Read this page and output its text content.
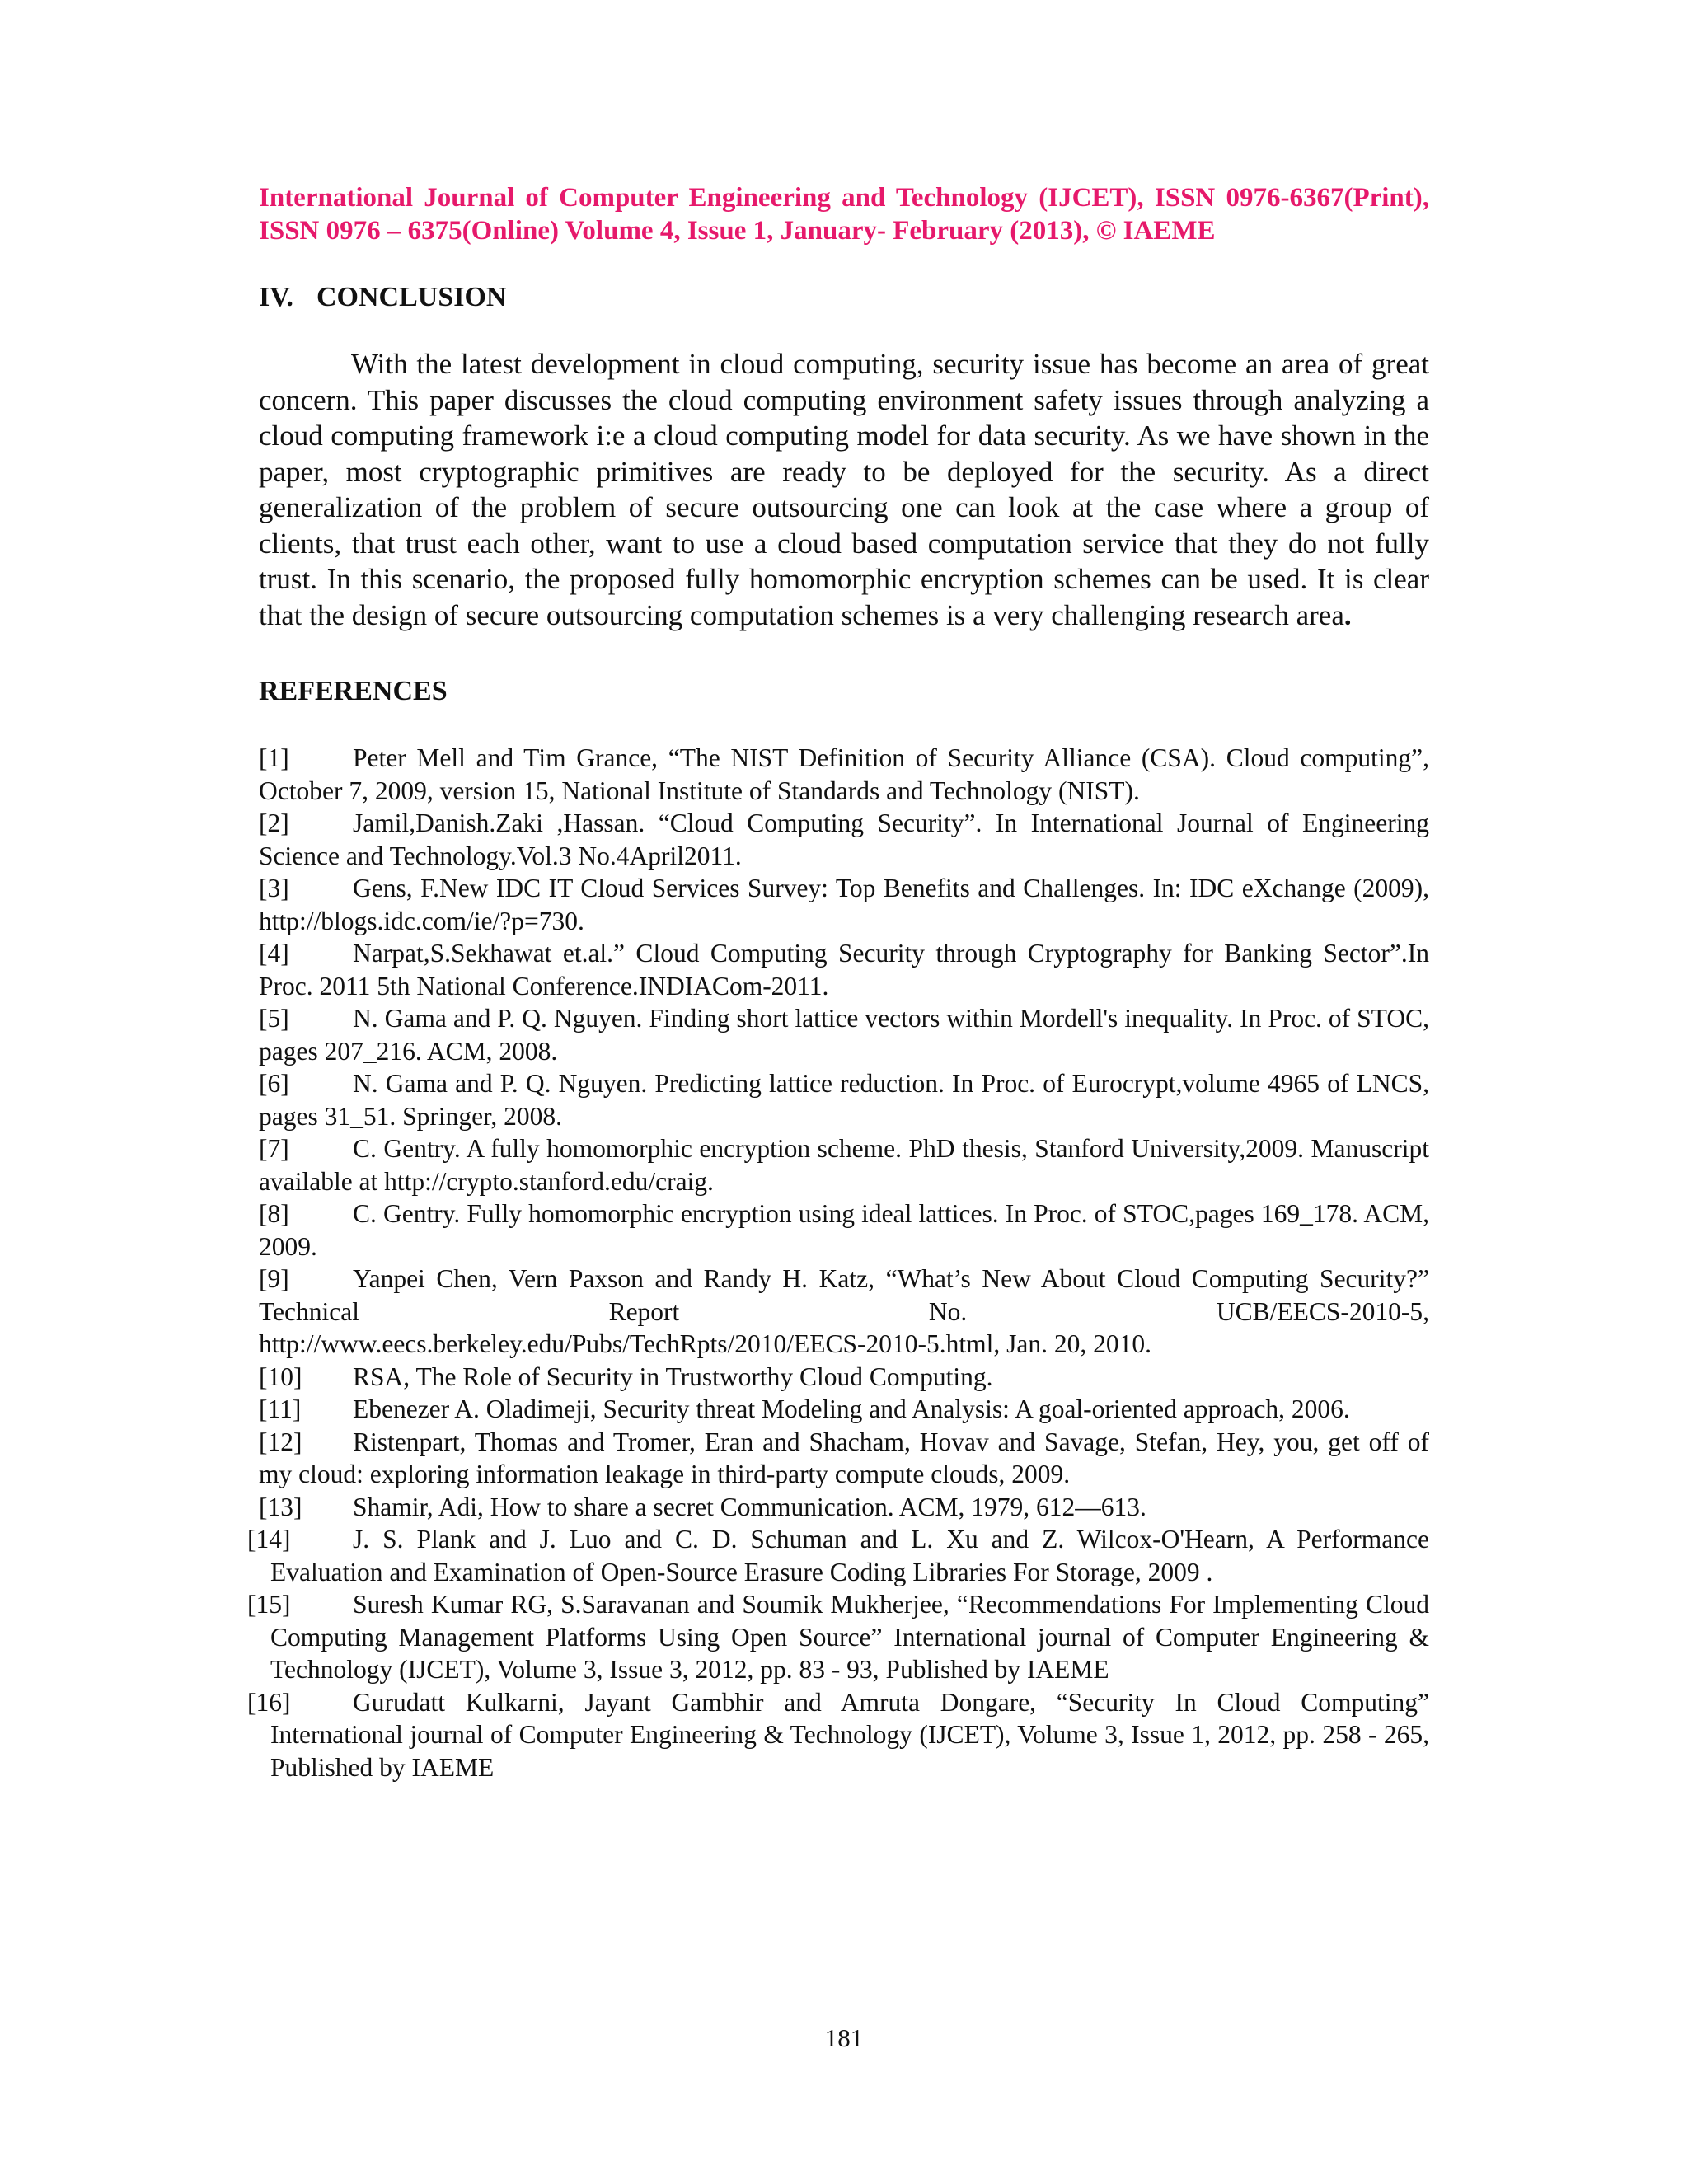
International Journal of Computer Engineering and Technology (IJCET), ISSN 0976-6367(Print), ISSN 0976 – 6375(Online) Volume 4, Issue 1, January- February (2013), © IAEME
IV. CONCLUSION

With the latest development in cloud computing, security issue has become an area of great concern. This paper discusses the cloud computing environment safety issues through analyzing a cloud computing framework i:e a cloud computing model for data security. As we have shown in the paper, most cryptographic primitives are ready to be deployed for the security. As a direct generalization of the problem of secure outsourcing one can look at the case where a group of clients, that trust each other, want to use a cloud based computation service that they do not fully trust. In this scenario, the proposed fully homomorphic encryption schemes can be used. It is clear that the design of secure outsourcing computation schemes is a very challenging research area.

REFERENCES

[1] Peter Mell and Tim Grance, “The NIST Definition of Security Alliance (CSA). Cloud computing”, October 7, 2009, version 15, National Institute of Standards and Technology (NIST).

[2] Jamil,Danish.Zaki ,Hassan. “Cloud Computing Security”. In International Journal of Engineering Science and Technology.Vol.3 No.4April2011.

[3] Gens, F.New IDC IT Cloud Services Survey: Top Benefits and Challenges. In: IDC eXchange (2009), http://blogs.idc.com/ie/?p=730.

[4] Narpat,S.Sekhawat et.al.” Cloud Computing Security through Cryptography for Banking Sector”.In Proc. 2011 5th National Conference.INDIACom-2011.

[5] N. Gama and P. Q. Nguyen. Finding short lattice vectors within Mordell's inequality. In Proc. of STOC, pages 207_216. ACM, 2008.

[6] N. Gama and P. Q. Nguyen. Predicting lattice reduction. In Proc. of Eurocrypt,volume 4965 of LNCS, pages 31_51. Springer, 2008.

[7] C. Gentry. A fully homomorphic encryption scheme. PhD thesis, Stanford University,2009. Manuscript available at http://crypto.stanford.edu/craig.

[8] C. Gentry. Fully homomorphic encryption using ideal lattices. In Proc. of STOC,pages 169_178. ACM, 2009.

[9] Yanpei Chen, Vern Paxson and Randy H. Katz, “What’s New About Cloud Computing Security?” Technical Report No. UCB/EECS-2010-5,

http://www.eecs.berkeley.edu/Pubs/TechRpts/2010/EECS-2010-5.html, Jan. 20, 2010.

[10] RSA, The Role of Security in Trustworthy Cloud Computing.

[11] Ebenezer A. Oladimeji, Security threat Modeling and Analysis: A goal-oriented approach, 2006.

[12] Ristenpart, Thomas and Tromer, Eran and Shacham, Hovav and Savage, Stefan, Hey, you, get off of my cloud: exploring information leakage in third-party compute clouds, 2009.

[13] Shamir, Adi, How to share a secret Communication. ACM, 1979, 612—613.

[14] J. S. Plank and J. Luo and C. D. Schuman and L. Xu and Z. Wilcox-O'Hearn, A Performance Evaluation and Examination of Open-Source Erasure Coding Libraries For Storage, 2009 .

[15] Suresh Kumar RG, S.Saravanan and Soumik Mukherjee, “Recommendations For Implementing Cloud Computing Management Platforms Using Open Source” International journal of Computer Engineering & Technology (IJCET), Volume 3, Issue 3, 2012, pp. 83 - 93, Published by IAEME

[16] Gurudatt Kulkarni, Jayant Gambhir and Amruta Dongare, “Security In Cloud Computing” International journal of Computer Engineering & Technology (IJCET), Volume 3, Issue 1, 2012, pp. 258 - 265, Published by IAEME

181
